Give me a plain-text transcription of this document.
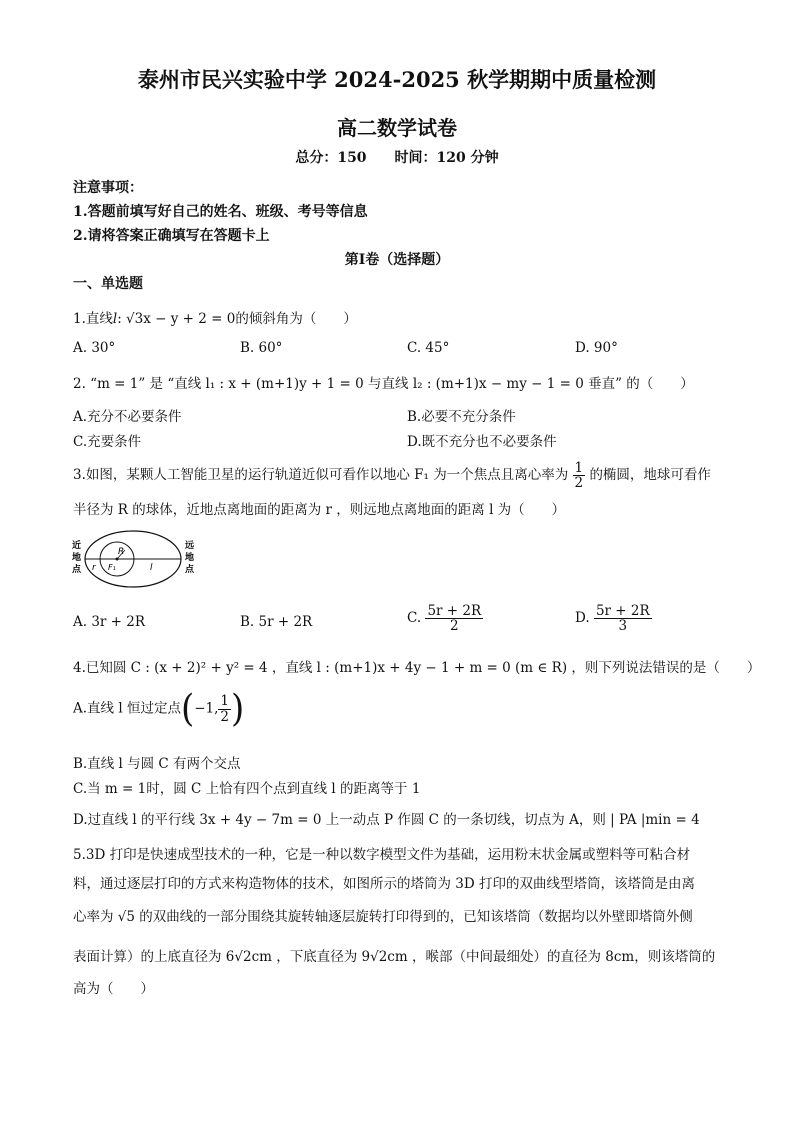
泰州市民兴实验中学 2024-2025 秋学期期中质量检测
高二数学试卷
总分：150　　时间：120 分钟
注意事项：
1.答题前填写好自己的姓名、班级、考号等信息
2.请将答案正确填写在答题卡上
第Ⅰ卷（选择题）
一、单选题
1.直线l: √3x − y + 2 = 0的倾斜角为（　　）
A. 30°	B. 60°	C. 45°	D. 90°
2. “m = 1” 是 “直线 l₁ : x + (m+1)y + 1 = 0 与直线 l₂ : (m+1)x − my − 1 = 0 垂直” 的（　　）
A.充分不必要条件	B.必要不充分条件
C.充要条件	D.既不充分也不必要条件
3.如图，某颗人工智能卫星的运行轨道近似可看作以地心 F₁ 为一个焦点且离心率为 $\frac{1}{2}$ 的椭圆，地球可看作
半径为 R 的球体，近地点离地面的距离为 r ，则远地点离地面的距离 l 为（　　）
R
r F₁	l
近
地
点
远
地
点
A. 3r + 2R	B. 5r + 2R	C. $\frac{5r + 2R}{2}$	D. $\frac{5r + 2R}{3}$
4.已知圆 C : (x + 2)² + y² = 4 ，直线 l : (m+1)x + 4y − 1 + m = 0 (m ∈ R) ，则下列说法错误的是（　　）
A.直线 l 恒过定点(−1, $\frac{1}{2}$ )
B.直线 l 与圆 C 有两个交点
C.当 m = 1时，圆 C 上恰有四个点到直线 l 的距离等于 1
D.过直线 l 的平行线 3x + 4y − 7m = 0 上一动点 P 作圆 C 的一条切线，切点为 A，则 | PA |min = 4
5.3D 打印是快速成型技术的一种，它是一种以数字模型文件为基础，运用粉末状金属或塑料等可粘合材
料，通过逐层打印的方式来构造物体的技术，如图所示的塔筒为 3D 打印的双曲线型塔筒，该塔筒是由离
心率为 √5 的双曲线的一部分围绕其旋转轴逐层旋转打印得到的，已知该塔筒（数据均以外壁即塔筒外侧
表面计算）的上底直径为 6√2cm ，下底直径为 9√2cm ，喉部（中间最细处）的直径为 8cm，则该塔筒的
高为（　　）
